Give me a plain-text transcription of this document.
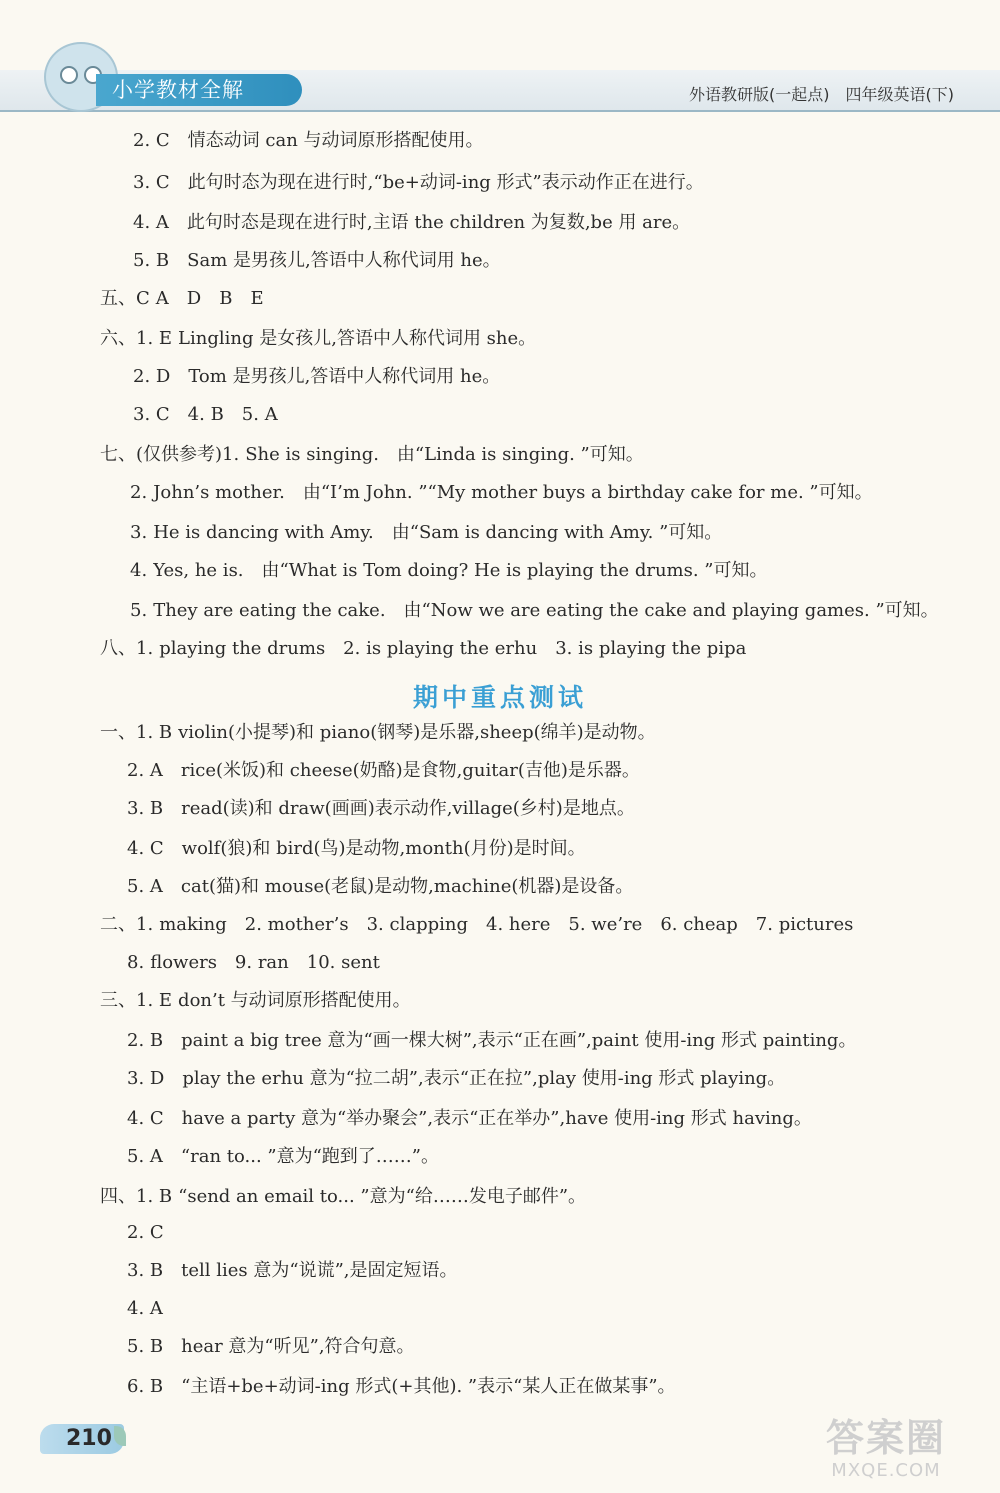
小学教材全解	外语教研版(一起点)　四年级英语(下)
期中重点测试
2. C 情态动词 can 与动词原形搭配使用。
3. C 此句时态为现在进行时,“be+动词-ing 形式”表示动作正在进行。
4. A 此句时态是现在进行时,主语 the children 为复数,be 用 are。
5. B Sam 是男孩儿,答语中人称代词用 he。
五、C A　D　B　E
六、1. E Lingling 是女孩儿,答语中人称代词用 she。
2. D Tom 是男孩儿,答语中人称代词用 he。
3. C 4. B　5. A
七、(仅供参考)1. She is singing.　由“Linda is singing. ”可知。
2. John’s mother.　由“I’m John. ”“My mother buys a birthday cake for me. ”可知。
3. He is dancing with Amy.　由“Sam is dancing with Amy. ”可知。
4. Yes, he is.　由“What is Tom doing? He is playing the drums. ”可知。
5. They are eating the cake.　由“Now we are eating the cake and playing games. ”可知。
八、1. playing the drums　2. is playing the erhu　3. is playing the pipa
一、1. B violin(小提琴)和 piano(钢琴)是乐器,sheep(绵羊)是动物。
2. A rice(米饭)和 cheese(奶酪)是食物,guitar(吉他)是乐器。
3. B read(读)和 draw(画画)表示动作,village(乡村)是地点。
4. C wolf(狼)和 bird(鸟)是动物,month(月份)是时间。
5. A cat(猫)和 mouse(老鼠)是动物,machine(机器)是设备。
二、1. making　2. mother’s　3. clapping　4. here　5. we’re　6. cheap　7. pictures
8. flowers　9. ran　10. sent
三、1. E don’t 与动词原形搭配使用。
2. B paint a big tree 意为“画一棵大树”,表示“正在画”,paint 使用-ing 形式 painting。
3. D play the erhu 意为“拉二胡”,表示“正在拉”,play 使用-ing 形式 playing。
4. C have a party 意为“举办聚会”,表示“正在举办”,have 使用-ing 形式 having。
5. A “ran to... ”意为“跑到了……”。
四、1. B “send an email to... ”意为“给……发电子邮件”。
2. C
3. B tell lies 意为“说谎”,是固定短语。
4. A
5. B hear 意为“听见”,符合句意。
6. B “主语+be+动词-ing 形式(+其他). ”表示“某人正在做某事”。
210	答案圈
MXQE.COM
